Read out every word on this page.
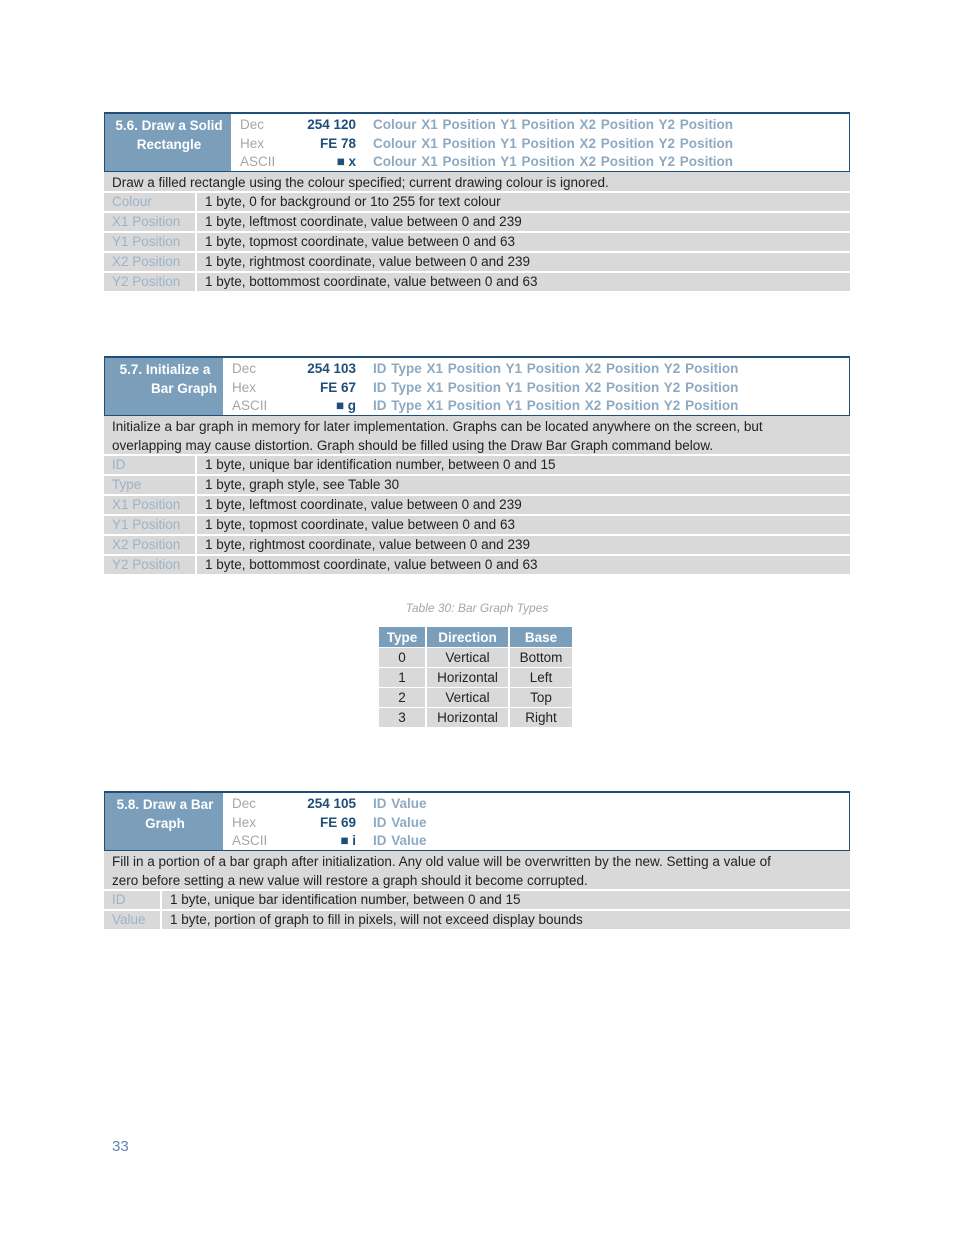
5.6. Draw a Solid
Rectangle
Dec	254 120	Colour X1 Position Y1 Position X2 Position Y2 Position
Hex	FE 78	Colour X1 Position Y1 Position X2 Position Y2 Position
ASCII	■ x	Colour X1 Position Y1 Position X2 Position Y2 Position
Draw a filled rectangle using the colour specified; current drawing colour is ignored.
Colour	1 byte, 0 for background or 1to 255 for text colour
X1 Position	1 byte, leftmost coordinate, value between 0 and 239
Y1 Position	1 byte, topmost coordinate, value between 0 and 63
X2 Position	1 byte, rightmost coordinate, value between 0 and 239
Y2 Position	1 byte, bottommost coordinate, value between 0 and 63
5.7. Initialize a
Bar Graph
Dec	254 103	ID Type X1 Position Y1 Position X2 Position Y2 Position
Hex	FE 67	ID Type X1 Position Y1 Position X2 Position Y2 Position
ASCII	■ g	ID Type X1 Position Y1 Position X2 Position Y2 Position
Initialize a bar graph in memory for later implementation. Graphs can be located anywhere on the screen, but
overlapping may cause distortion. Graph should be filled using the Draw Bar Graph command below.
ID	1 byte, unique bar identification number, between 0 and 15
Type	1 byte, graph style, see Table 30
X1 Position	1 byte, leftmost coordinate, value between 0 and 239
Y1 Position	1 byte, topmost coordinate, value between 0 and 63
X2 Position	1 byte, rightmost coordinate, value between 0 and 239
Y2 Position	1 byte, bottommost coordinate, value between 0 and 63
Table 30: Bar Graph Types
Type	Direction	Base
0	Vertical	Bottom
1	Horizontal	Left
2	Vertical	Top
3	Horizontal	Right
5.8. Draw a Bar
Graph
Dec	254 105	ID Value
Hex	FE 69	ID Value
ASCII	■ i	ID Value
Fill in a portion of a bar graph after initialization. Any old value will be overwritten by the new. Setting a value of
zero before setting a new value will restore a graph should it become corrupted.
ID	1 byte, unique bar identification number, between 0 and 15
Value	1 byte, portion of graph to fill in pixels, will not exceed display bounds
33
